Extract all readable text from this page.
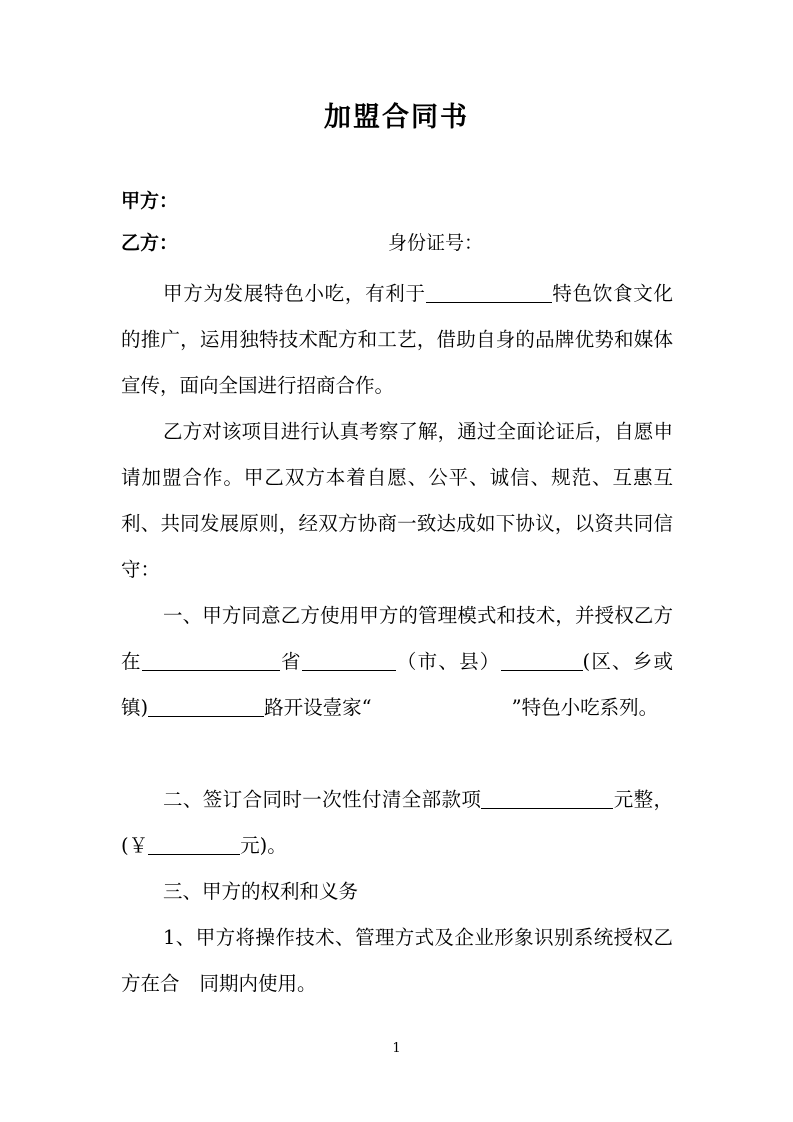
加盟合同书
甲方：
乙方：	身份证号：
甲方为发展特色小吃，有利于	特色饮食文化的推广，运用独特技术配方和工艺，借助自身的品牌优势和媒体宣传，面向全国进行招商合作。
乙方对该项目进行认真考察了解，通过全面论证后，自愿申请加盟合作。甲乙双方本着自愿、公平、诚信、规范、互惠互利、共同发展原则，经双方协商一致达成如下协议，以资共同信守：
一、甲方同意乙方使用甲方的管理模式和技术，并授权乙方在	省	（市、县）	(区、乡或镇)	路开设壹家“	”特色小吃系列。
二、签订合同时一次性付清全部款项	元整，(￥	元)。
三、甲方的权利和义务
1、甲方将操作技术、管理方式及企业形象识别系统授权乙方在合 同期内使用。
1
